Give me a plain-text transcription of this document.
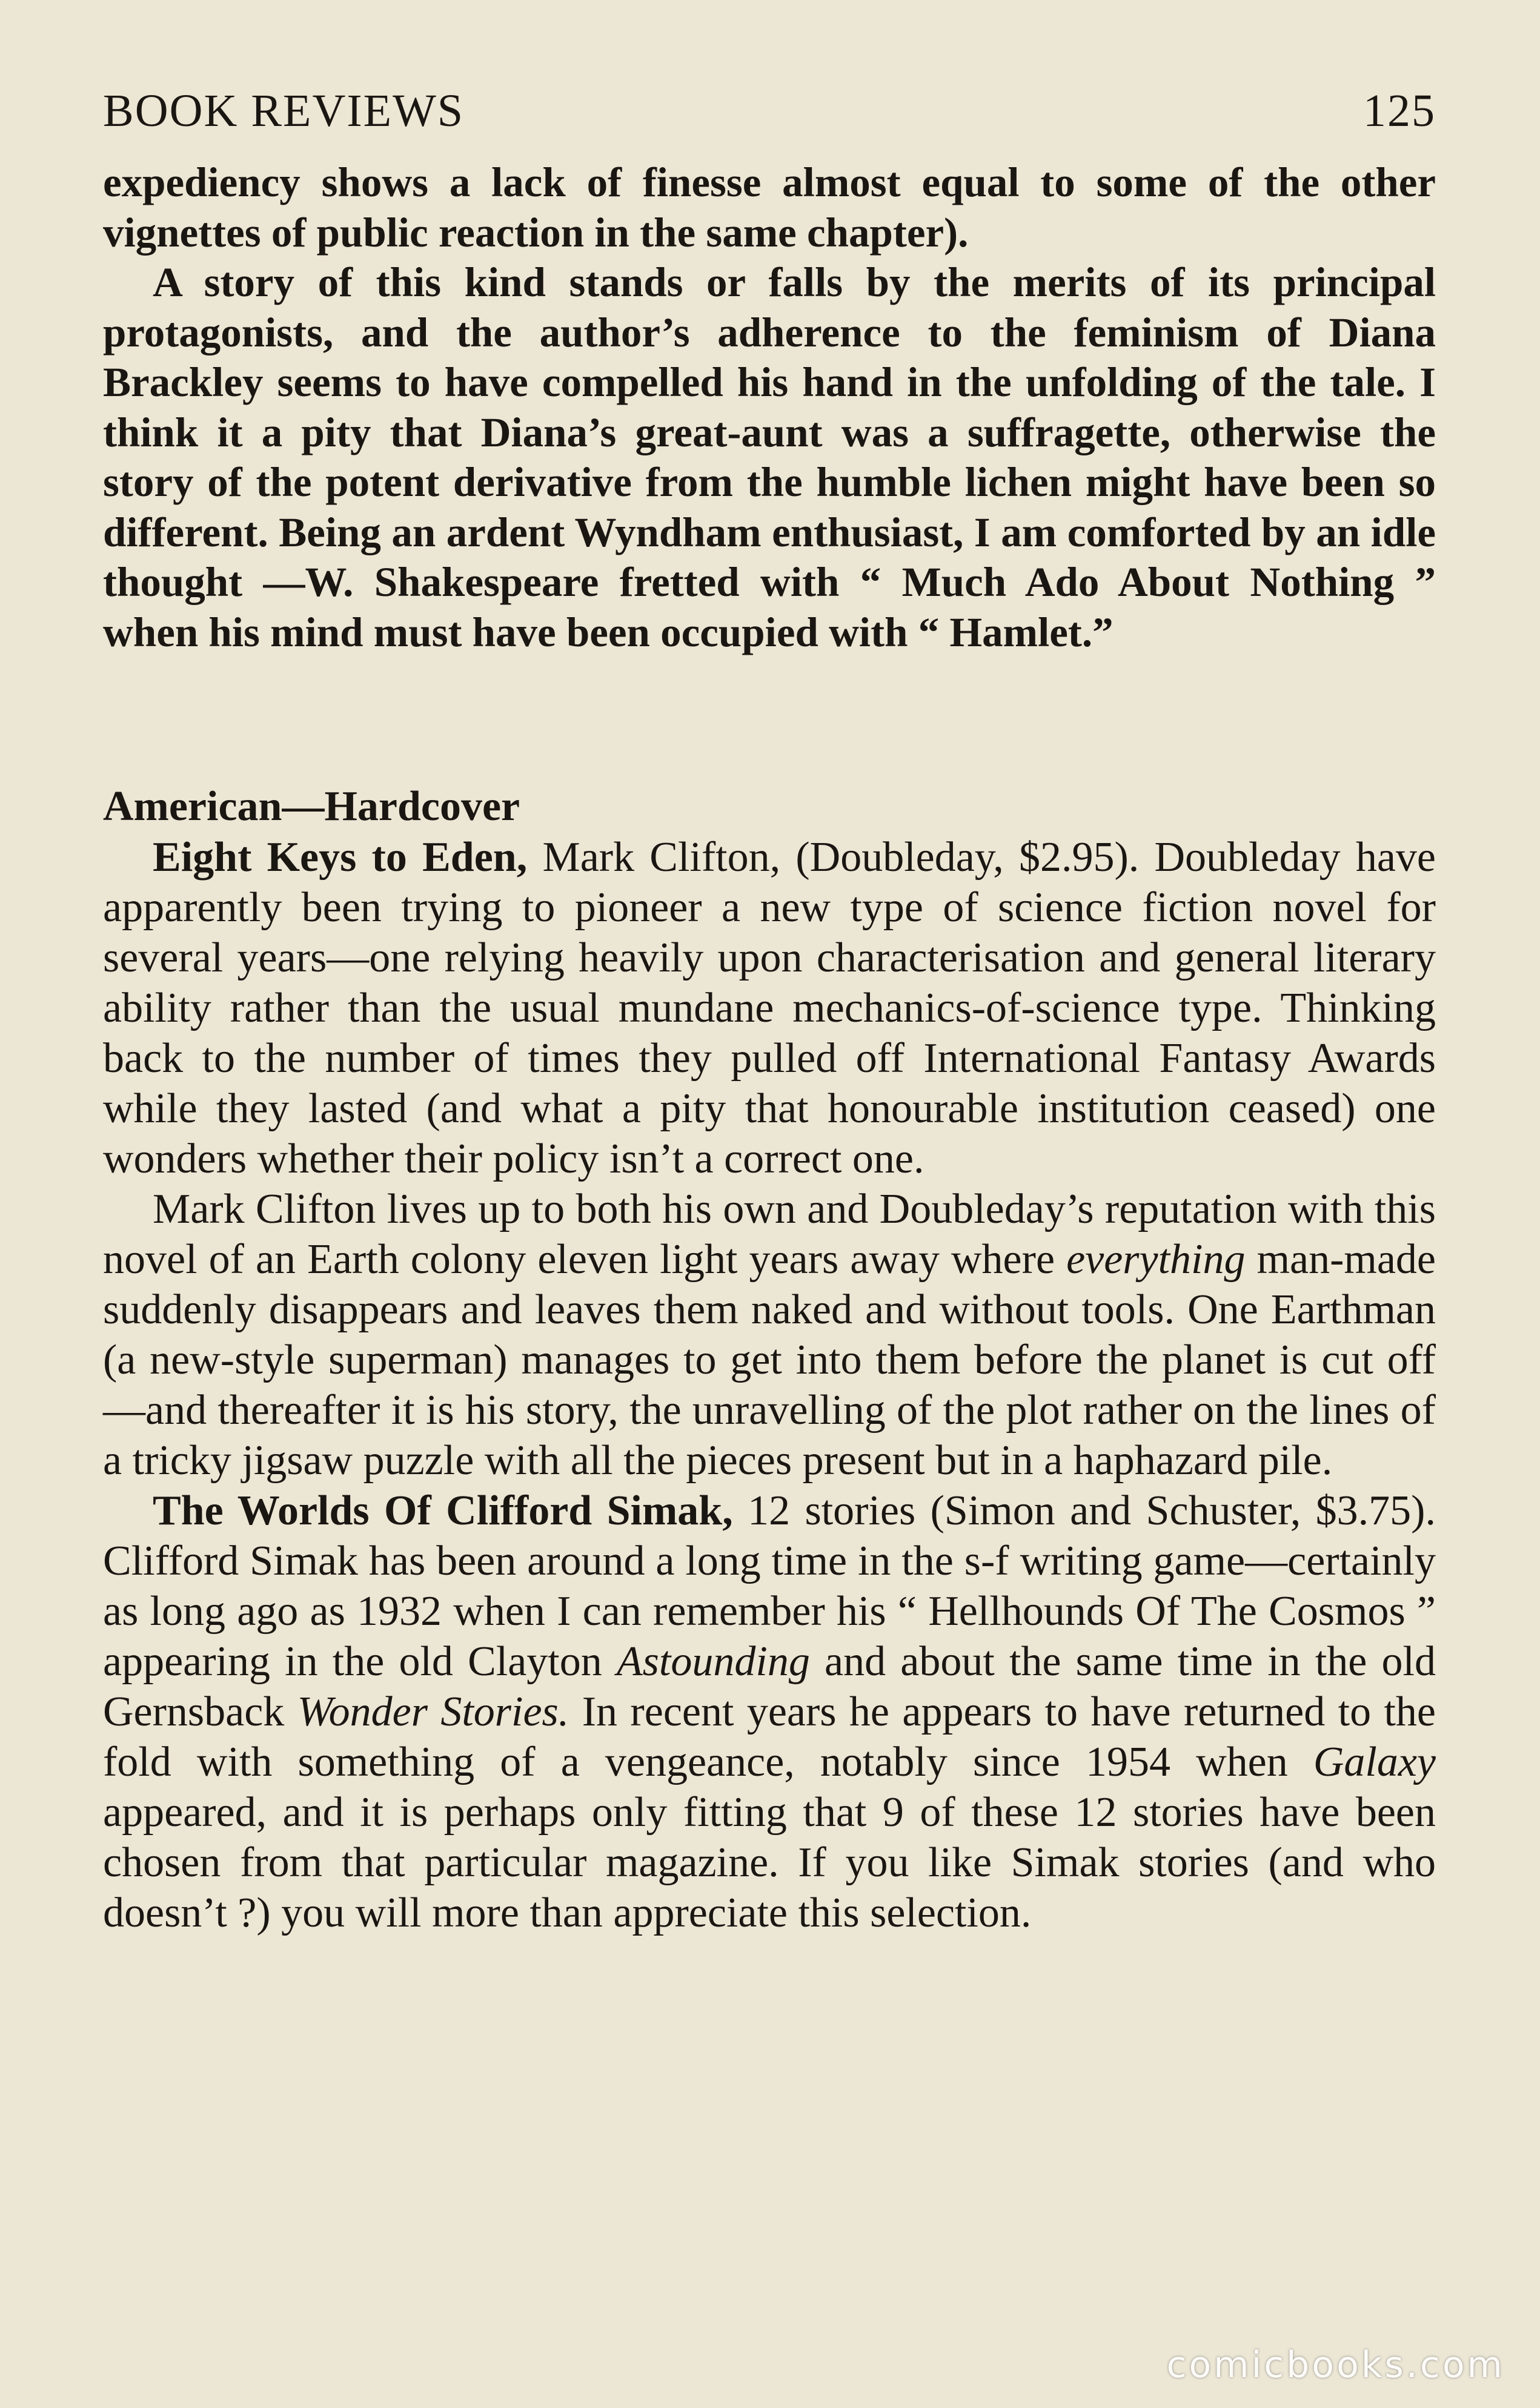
BOOK REVIEWS	125

expediency shows a lack of finesse almost equal to some of the other vignettes of public reaction in the same chapter).

A story of this kind stands or falls by the merits of its principal protagonists, and the author’s adherence to the feminism of Diana Brackley seems to have compelled his hand in the unfolding of the tale. I think it a pity that Diana’s great-aunt was a suffragette, otherwise the story of the potent derivative from the humble lichen might have been so different. Being an ardent Wyndham enthusiast, I am comforted by an idle thought —W. Shakespeare fretted with “ Much Ado About Nothing ” when his mind must have been occupied with “ Hamlet.”

American—Hardcover

Eight Keys to Eden, Mark Clifton, (Doubleday, $2.95). Doubleday have apparently been trying to pioneer a new type of science fiction novel for several years—one relying heavily upon characterisation and general literary ability rather than the usual mundane mechanics-of-science type. Thinking back to the number of times they pulled off International Fantasy Awards while they lasted (and what a pity that honourable institution ceased) one wonders whether their policy isn’t a correct one.

Mark Clifton lives up to both his own and Doubleday’s reputation with this novel of an Earth colony eleven light years away where everything man-made suddenly disappears and leaves them naked and without tools. One Earthman (a new-style superman) manages to get into them before the planet is cut off—and thereafter it is his story, the unravelling of the plot rather on the lines of a tricky jigsaw puzzle with all the pieces present but in a haphazard pile.

The Worlds Of Clifford Simak, 12 stories (Simon and Schuster, $3.75). Clifford Simak has been around a long time in the s-f writing game—certainly as long ago as 1932 when I can remember his “ Hellhounds Of The Cosmos ” appearing in the old Clayton Astounding and about the same time in the old Gernsback Wonder Stories. In recent years he appears to have returned to the fold with something of a vengeance, notably since 1954 when Galaxy appeared, and it is perhaps only fitting that 9 of these 12 stories have been chosen from that particular magazine. If you like Simak stories (and who doesn’t ?) you will more than appreciate this selection.

comicbooks.com
